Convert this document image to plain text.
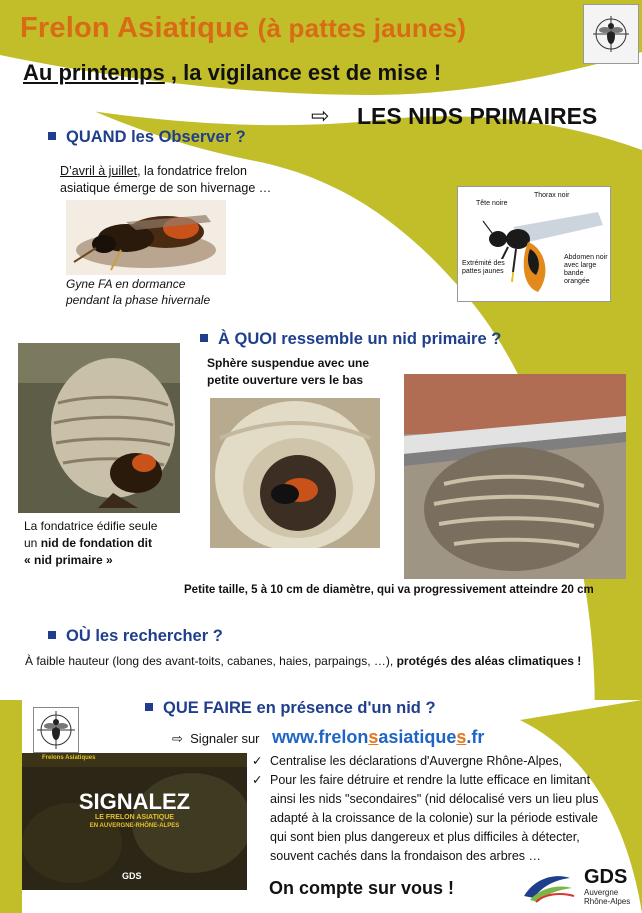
Frelon Asiatique (à pattes jaunes)
Au printemps , la vigilance est de mise !
⇨ LES NIDS PRIMAIRES
QUAND les Observer ?
D’avril à juillet, la fondatrice frelon asiatique émerge de son hivernage …
Gyne FA en dormance
pendant la phase hivernale
Tête noire
Thorax noir
Extrémité des pattes jaunes
Abdomen noir avec large bande orangée
À QUOI ressemble un nid primaire ?
Sphère suspendue avec une
petite ouverture vers le bas
La fondatrice édifie seule
un nid de fondation dit
« nid primaire »
Petite taille, 5 à 10 cm de diamètre, qui va progressivement atteindre 20 cm
OÙ les rechercher ?
À faible hauteur (long des avant-toits, cabanes, haies, parpaings, …), protégés des aléas climatiques !
QUE FAIRE en présence d'un nid ?
⇨ Signaler sur www.frelonsasiatiques.fr
Frelons Asiatiques
SIGNALEZ
LE FRELON ASIATIQUE
EN AUVERGNE-RHÔNE-ALPES
GDS
✓ Centralise les déclarations d'Auvergne Rhône-Alpes,
✓ Pour les faire détruire et rendre la lutte efficace en limitant ainsi les nids "secondaires" (nid délocalisé vers un lieu plus adapté à la croissance de la colonie) sur la période estivale qui sont bien plus dangereux et plus difficiles à détecter, souvent cachés dans la frondaison des arbres …
On compte sur vous !	GDS
Auvergne
Rhône-Alpes
